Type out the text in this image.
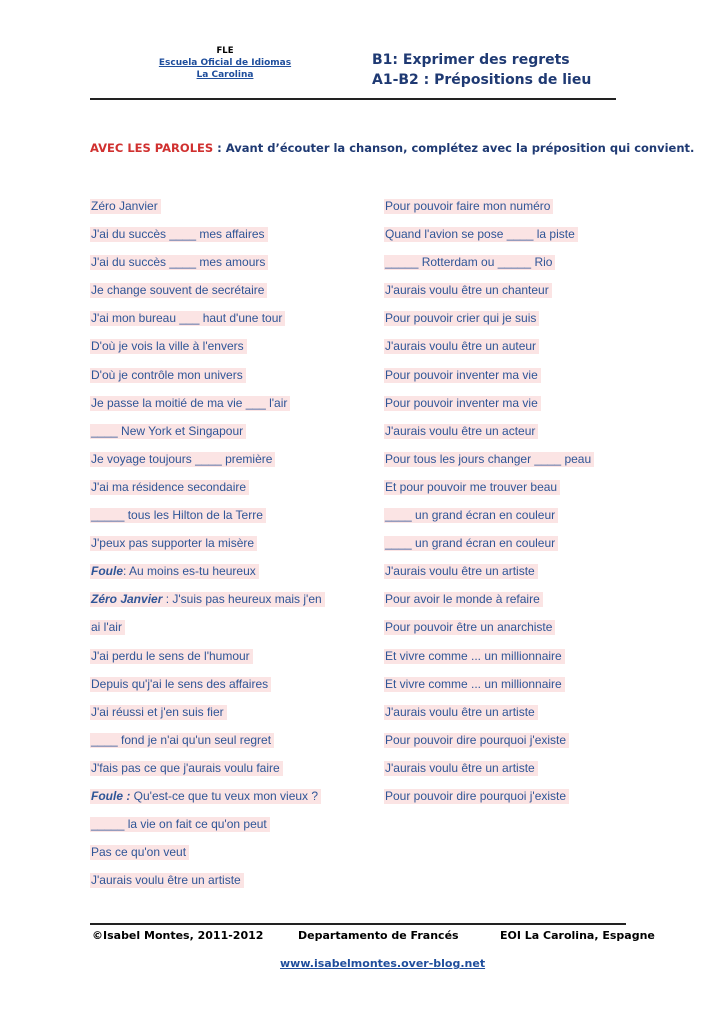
FLE
Escuela Oficial de Idiomas
La Carolina
B1: Exprimer des regrets
A1-B2 : Prépositions de lieu
AVEC LES PAROLES : Avant d’écouter la chanson, complétez avec la préposition qui convient.
Zéro Janvier
J'ai du succès ____ mes affaires
J'ai du succès ____ mes amours
Je change souvent de secrétaire
J'ai mon bureau ___ haut d'une tour
D'où je vois la ville à l'envers
D'où je contrôle mon univers
Je passe la moitié de ma vie ___ l'air
____ New York et Singapour
Je voyage toujours ____ première
J'ai ma résidence secondaire
_____ tous les Hilton de la Terre
J'peux pas supporter la misère
Foule: Au moins es-tu heureux
Zéro Janvier : J'suis pas heureux mais j'en
ai l'air
J'ai perdu le sens de l'humour
Depuis qu'j'ai le sens des affaires
J'ai réussi et j'en suis fier
____ fond je n'ai qu'un seul regret
J'fais pas ce que j'aurais voulu faire
Foule : Qu'est-ce que tu veux mon vieux ?
_____ la vie on fait ce qu'on peut
Pas ce qu'on veut
J'aurais voulu être un artiste
Pour pouvoir faire mon numéro
Quand l'avion se pose ____ la piste
_____ Rotterdam ou _____ Rio
J'aurais voulu être un chanteur
Pour pouvoir crier qui je suis
J'aurais voulu être un auteur
Pour pouvoir inventer ma vie
Pour pouvoir inventer ma vie
J'aurais voulu être un acteur
Pour tous les jours changer ____ peau
Et pour pouvoir me trouver beau
____ un grand écran en couleur
____ un grand écran en couleur
J'aurais voulu être un artiste
Pour avoir le monde à refaire
Pour pouvoir être un anarchiste
Et vivre comme ... un millionnaire
Et vivre comme ... un millionnaire
J'aurais voulu être un artiste
Pour pouvoir dire pourquoi j'existe
J'aurais voulu être un artiste
Pour pouvoir dire pourquoi j'existe
©Isabel Montes, 2011-2012	Departamento de Francés	EOI La Carolina, Espagne
www.isabelmontes.over-blog.net
